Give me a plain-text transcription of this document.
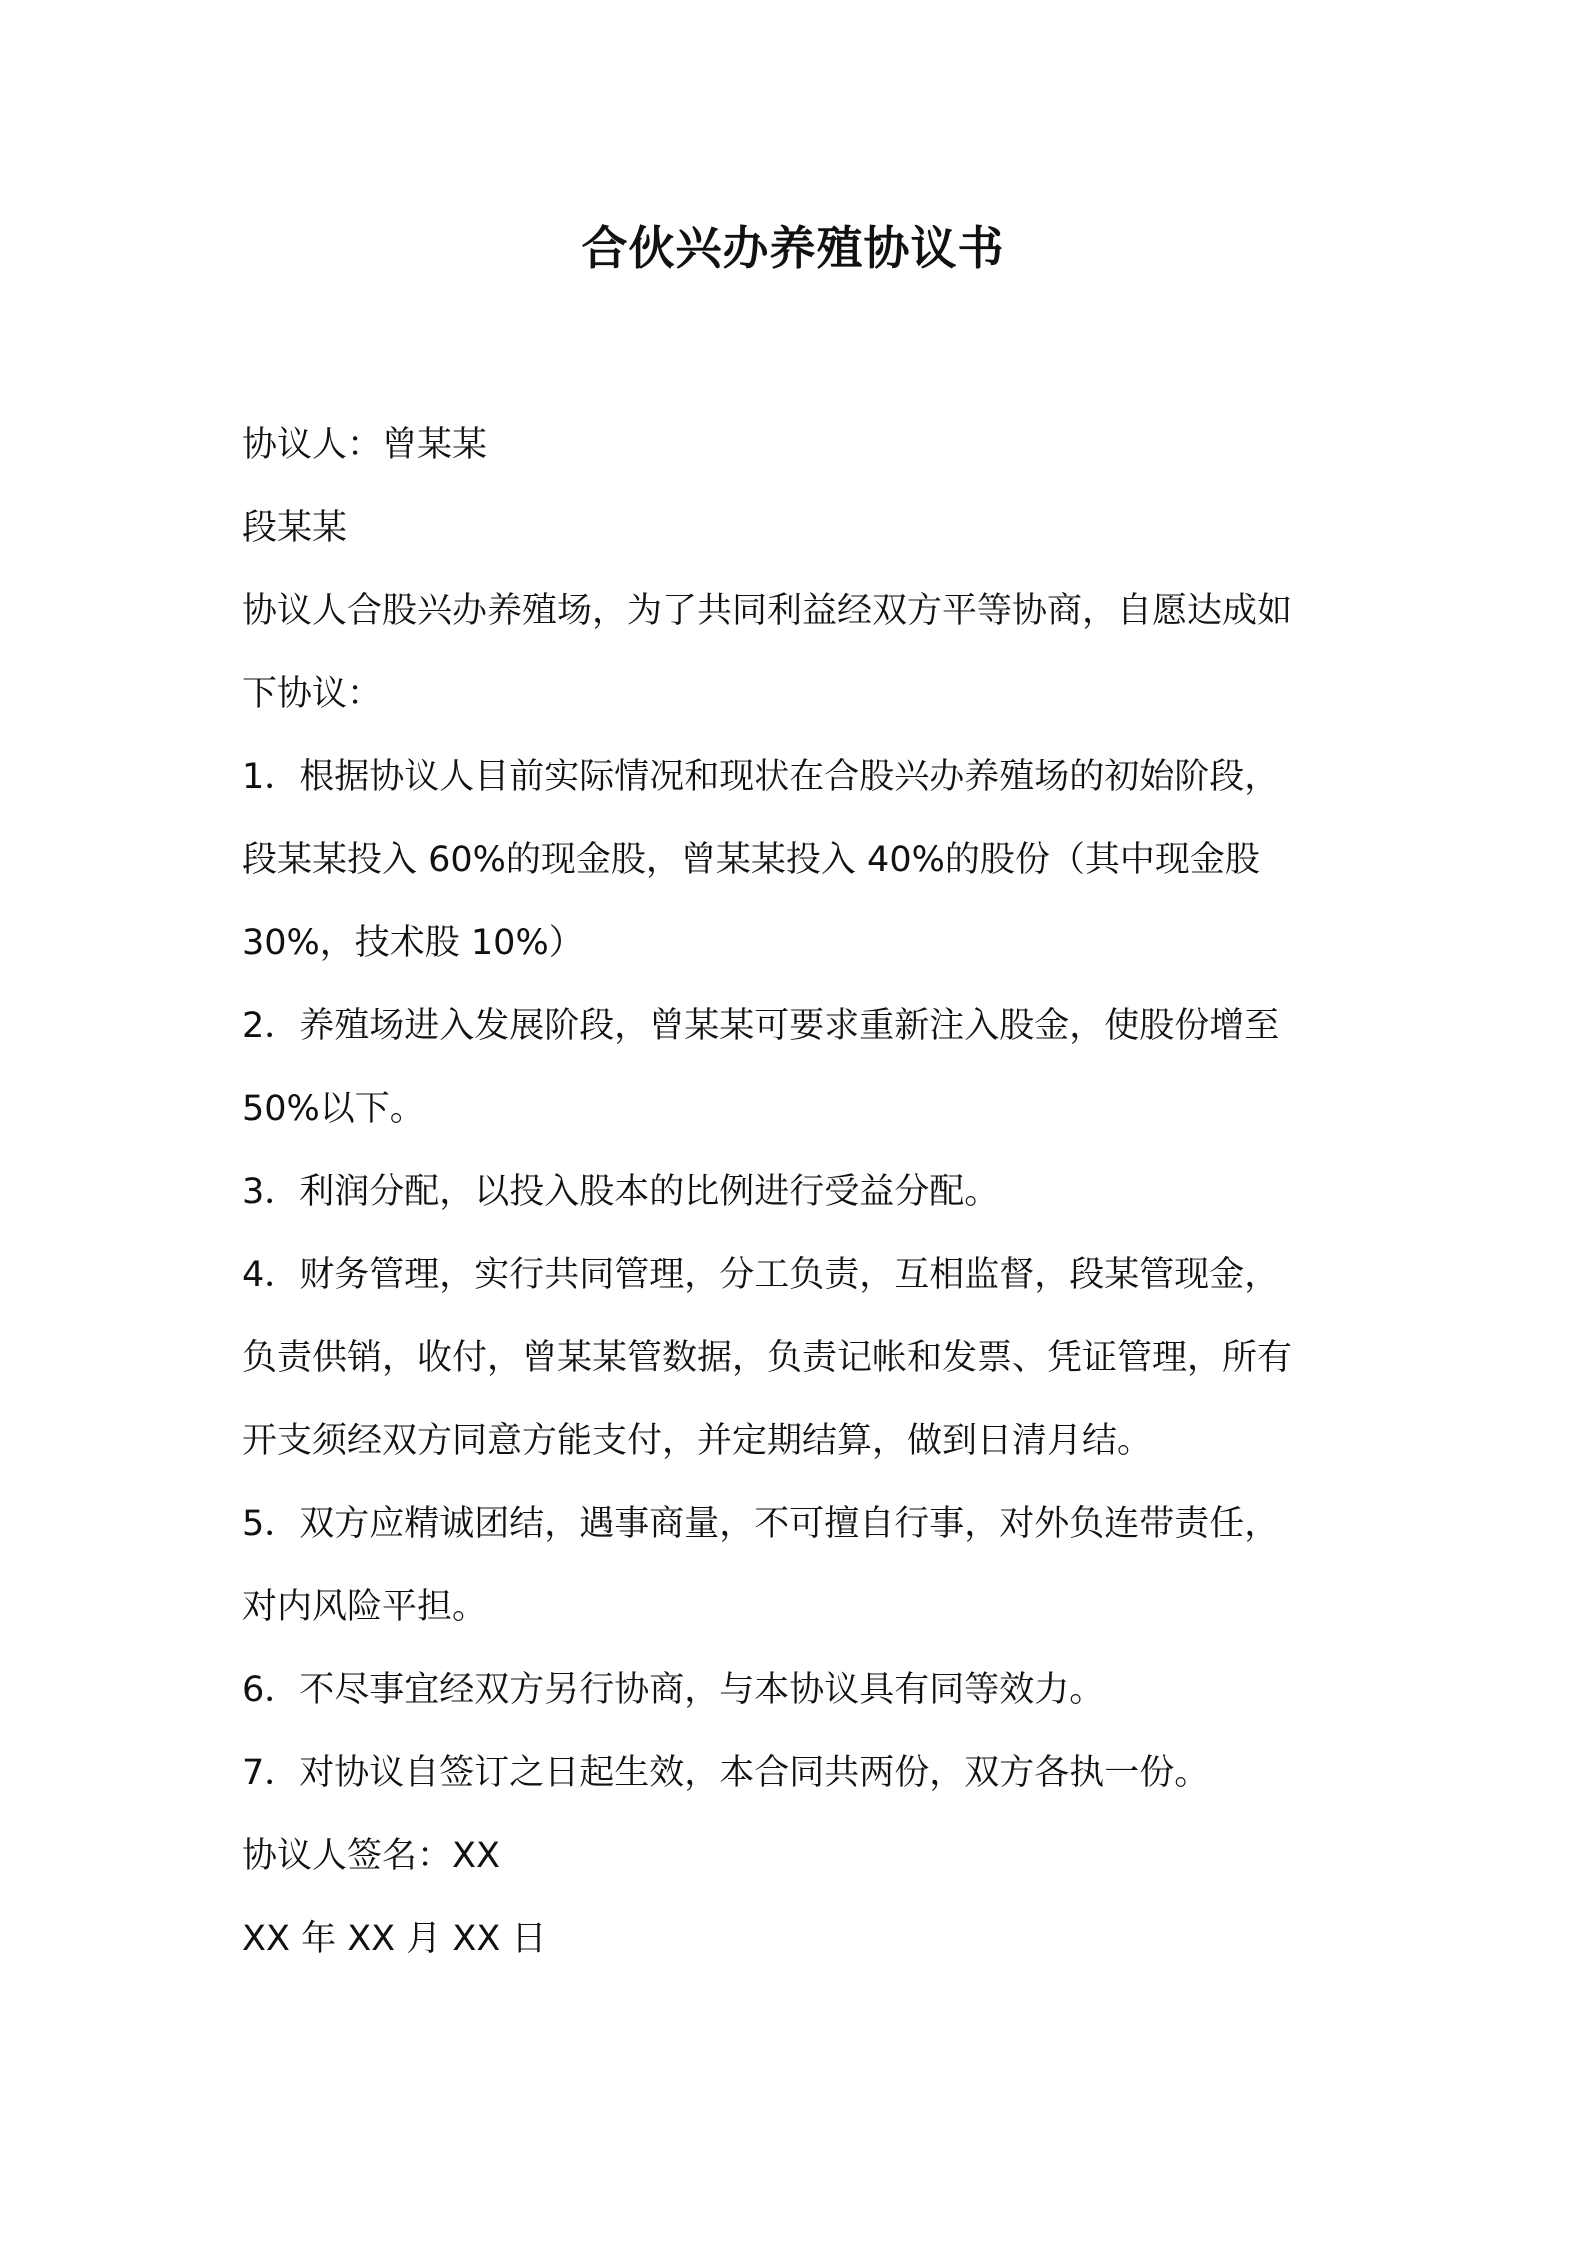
合伙兴办养殖协议书
协议人：曾某某
段某某
协议人合股兴办养殖场，为了共同利益经双方平等协商，自愿达成如
下协议：
1．根据协议人目前实际情况和现状在合股兴办养殖场的初始阶段，
段某某投入 60%的现金股，曾某某投入 40%的股份（其中现金股
30%，技术股 10%）
2．养殖场进入发展阶段，曾某某可要求重新注入股金，使股份增至
50%以下。
3．利润分配，以投入股本的比例进行受益分配。
4．财务管理，实行共同管理，分工负责，互相监督，段某管现金，
负责供销，收付，曾某某管数据，负责记帐和发票、凭证管理，所有
开支须经双方同意方能支付，并定期结算，做到日清月结。
5．双方应精诚团结，遇事商量，不可擅自行事，对外负连带责任，
对内风险平担。
6．不尽事宜经双方另行协商，与本协议具有同等效力。
7．对协议自签订之日起生效，本合同共两份，双方各执一份。
协议人签名：XX
XX 年 XX 月 XX 日
